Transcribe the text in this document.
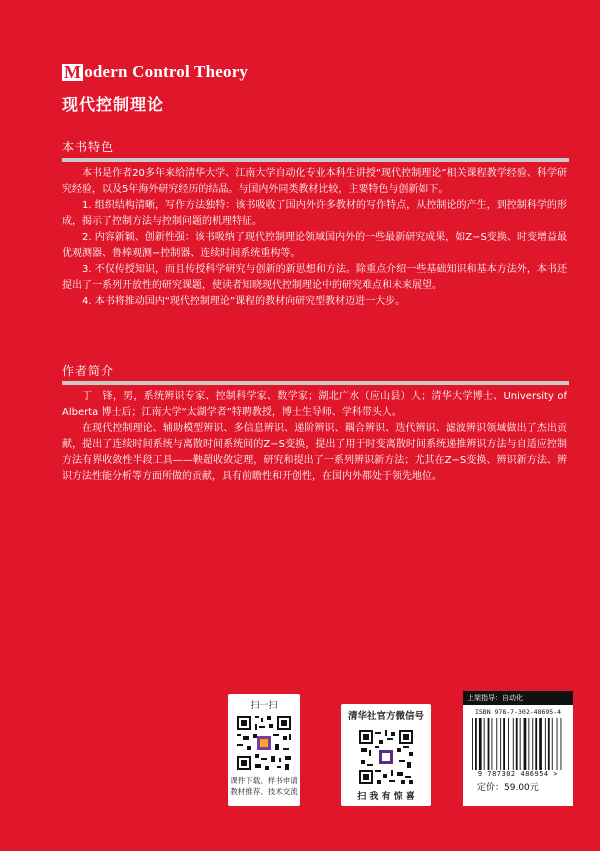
M odern Control Theory
现代控制理论
本书特色

本书是作者20多年来给清华大学、江南大学自动化专业本科生讲授“现代控制理论”相关课程教学经验、科学研究经验，以及5年海外研究经历的结晶。与国内外同类教材比较，主要特色与创新如下。

1. 组织结构清晰，写作方法独特：该书吸收了国内外许多教材的写作特点，从控制论的产生，到控制科学的形成，揭示了控制方法与控制问题的机理特征。

2. 内容新颖、创新性强：该书吸纳了现代控制理论领域国内外的一些最新研究成果，如Z−S变换、时变增益最优观测器、鲁棒观测−控制器、连续时间系统重构等。

3. 不仅传授知识，而且传授科学研究与创新的新思想和方法。除重点介绍一些基础知识和基本方法外，本书还提出了一系列开放性的研究课题，使读者知晓现代控制理论中的研究难点和未来展望。

4. 本书将推动国内“现代控制理论”课程的教材向研究型教材迈进一大步。

作者简介

丁　锋，男，系统辨识专家、控制科学家、数学家；湖北广水（应山县）人；清华大学博士、University of Alberta 博士后；江南大学“太湖学者”特聘教授，博士生导师、学科带头人。

在现代控制理论、辅助模型辨识、多信息辨识、递阶辨识、耦合辨识、迭代辨识、滤波辨识领域做出了杰出贡献，提出了连续时间系统与离散时间系统间的Z−S变换，提出了用于时变离散时间系统递推辨识方法与自适应控制方法有界收敛性半段工具——鞅超收敛定理，研究和提出了一系列辨识新方法；尤其在Z−S变换、辨识新方法、辨识方法性能分析等方面所做的贡献，具有前瞻性和开创性，在国内外都处于领先地位。

扫一扫
课件下载、样书申请
教材推荐、技术交流
清华社官方微信号
扫 我 有 惊 喜
上架指导：自动化
ISBN 978-7-302-48695-4
9 787302 486954 >
定价：59.00元
